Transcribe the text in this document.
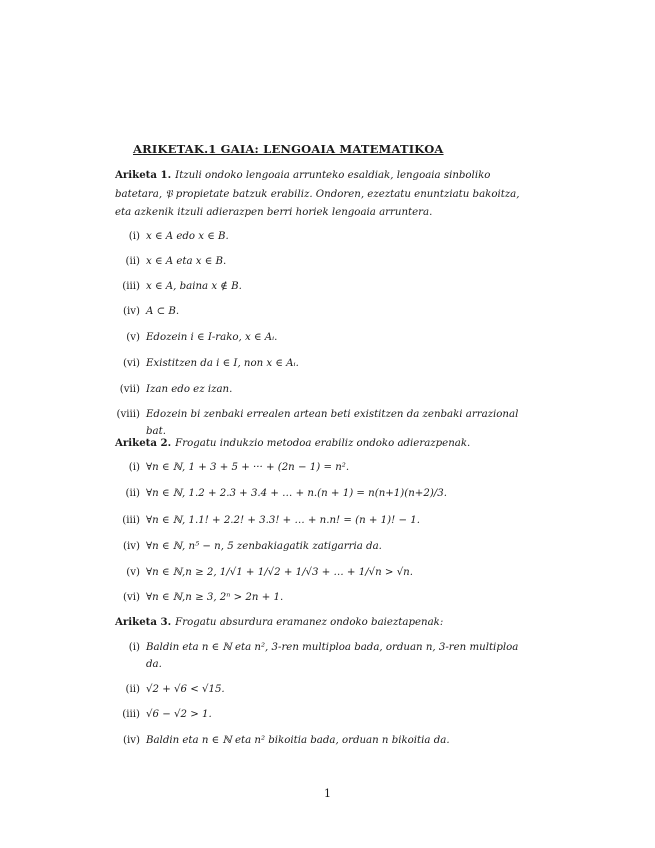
ARIKETAK.1 GAIA: LENGOAIA MATEMATIKOA
Ariketa 1. Itzuli ondoko lengoaia arrunteko esaldiak, lengoaia sinboliko batetara, 𝔓 propietate batzuk erabiliz. Ondoren, ezeztatu enuntziatu bakoitza, eta azkenik itzuli adierazpen berri horiek lengoaia arruntera.
(i) x ∈ A edo x ∈ B.
(ii) x ∈ A eta x ∈ B.
(iii) x ∈ A, baina x ∉ B.
(iv) A ⊂ B.
(v) Edozein i ∈ I-rako, x ∈ Aᵢ.
(vi) Existitzen da i ∈ I, non x ∈ Aᵢ.
(vii) Izan edo ez izan.
(viii) Edozein bi zenbaki errealen artean beti existitzen da zenbaki arrazional bat.
Ariketa 2. Frogatu indukzio metodoa erabiliz ondoko adierazpenak.
(i) ∀n ∈ ℕ, 1 + 3 + 5 + ··· + (2n − 1) = n².
(ii) ∀n ∈ ℕ, 1.2 + 2.3 + 3.4 + … + n.(n + 1) = n(n+1)(n+2)/3.
(iii) ∀n ∈ ℕ, 1.1! + 2.2! + 3.3! + … + n.n! = (n + 1)! − 1.
(iv) ∀n ∈ ℕ, n⁵ − n, 5 zenbakiagatik zatigarria da.
(v) ∀n ∈ ℕ,n ≥ 2, 1/√1 + 1/√2 + 1/√3 + … + 1/√n > √n.
(vi) ∀n ∈ ℕ,n ≥ 3, 2ⁿ > 2n + 1.
Ariketa 3. Frogatu absurdura eramanez ondoko baieztapenak:
(i) Baldin eta n ∈ ℕ eta n², 3-ren multiploa bada, orduan n, 3-ren multiploa da.
(ii) √2 + √6 < √15.
(iii) √6 − √2 > 1.
(iv) Baldin eta n ∈ ℕ eta n² bikoitia bada, orduan n bikoitia da.
1
